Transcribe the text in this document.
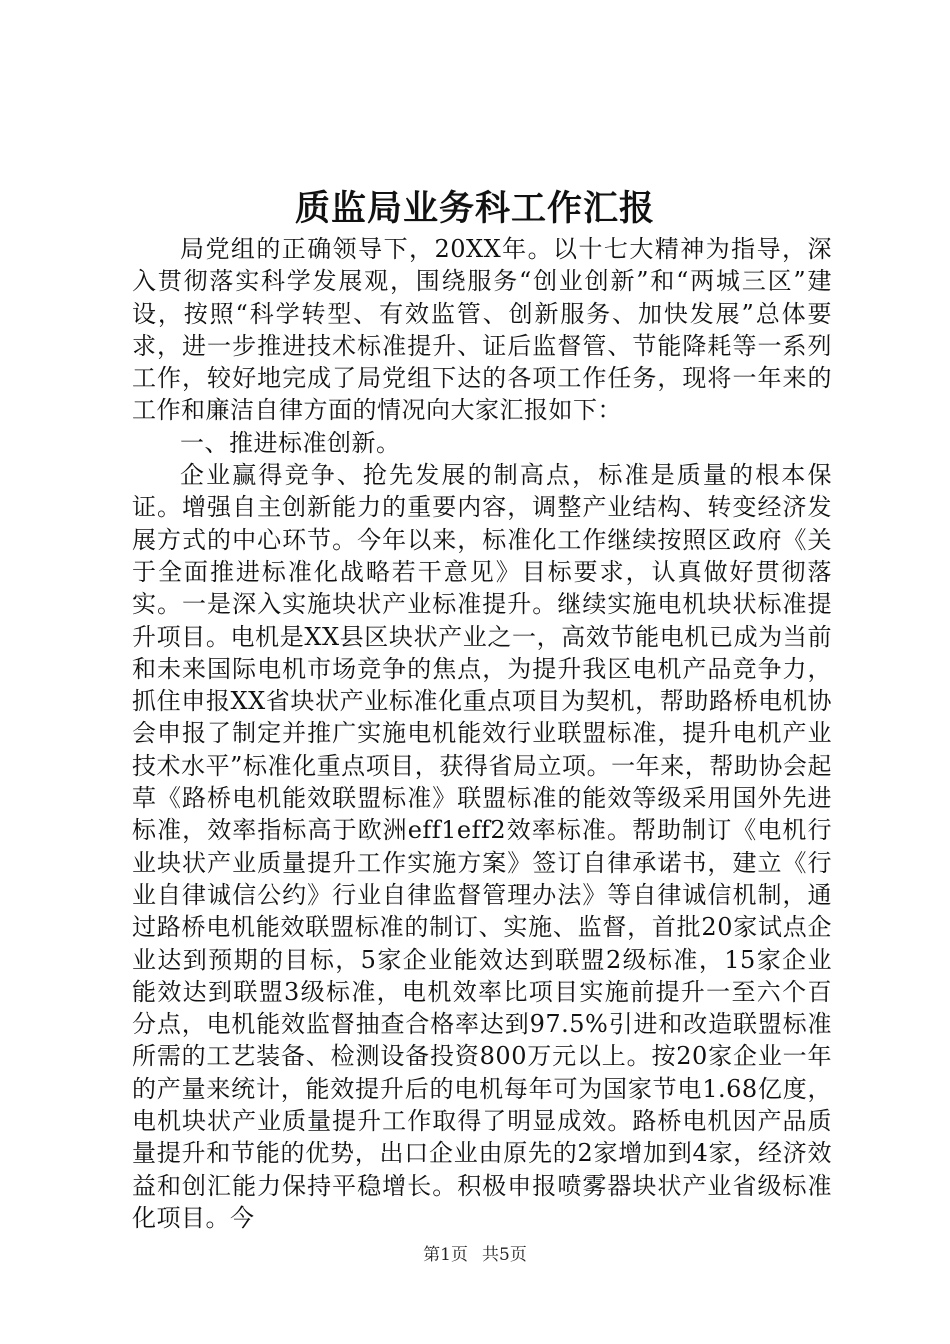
质监局业务科工作汇报

局党组的正确领导下，20XX年。以十七大精神为指导，深入贯彻落实科学发展观，围绕服务“创业创新”和“两城三区”建设，按照“科学转型、有效监管、创新服务、加快发展”总体要求，进一步推进技术标准提升、证后监督管、节能降耗等一系列工作，较好地完成了局党组下达的各项工作任务，现将一年来的工作和廉洁自律方面的情况向大家汇报如下：

一、推进标准创新。

企业赢得竞争、抢先发展的制高点，标准是质量的根本保证。增强自主创新能力的重要内容，调整产业结构、转变经济发展方式的中心环节。今年以来，标准化工作继续按照区政府《关于全面推进标准化战略若干意见》目标要求，认真做好贯彻落实。一是深入实施块状产业标准提升。继续实施电机块状标准提升项目。电机是XX县区块状产业之一，高效节能电机已成为当前和未来国际电机市场竞争的焦点，为提升我区电机产品竞争力，抓住申报XX省块状产业标准化重点项目为契机，帮助路桥电机协会申报了制定并推广实施电机能效行业联盟标准，提升电机产业技术水平”标准化重点项目，获得省局立项。一年来，帮助协会起草《路桥电机能效联盟标准》联盟标准的能效等级采用国外先进标准，效率指标高于欧洲eff1eff2效率标准。帮助制订《电机行业块状产业质量提升工作实施方案》签订自律承诺书，建立《行业自律诚信公约》行业自律监督管理办法》等自律诚信机制，通过路桥电机能效联盟标准的制订、实施、监督，首批20家试点企业达到预期的目标，5家企业能效达到联盟2级标准，15家企业能效达到联盟3级标准，电机效率比项目实施前提升一至六个百分点，电机能效监督抽查合格率达到97.5%引进和改造联盟标准所需的工艺装备、检测设备投资800万元以上。按20家企业一年的产量来统计，能效提升后的电机每年可为国家节电1.68亿度，电机块状产业质量提升工作取得了明显成效。路桥电机因产品质量提升和节能的优势，出口企业由原先的2家增加到4家，经济效益和创汇能力保持平稳增长。积极申报喷雾器块状产业省级标准化项目。今

第1页 共5页
